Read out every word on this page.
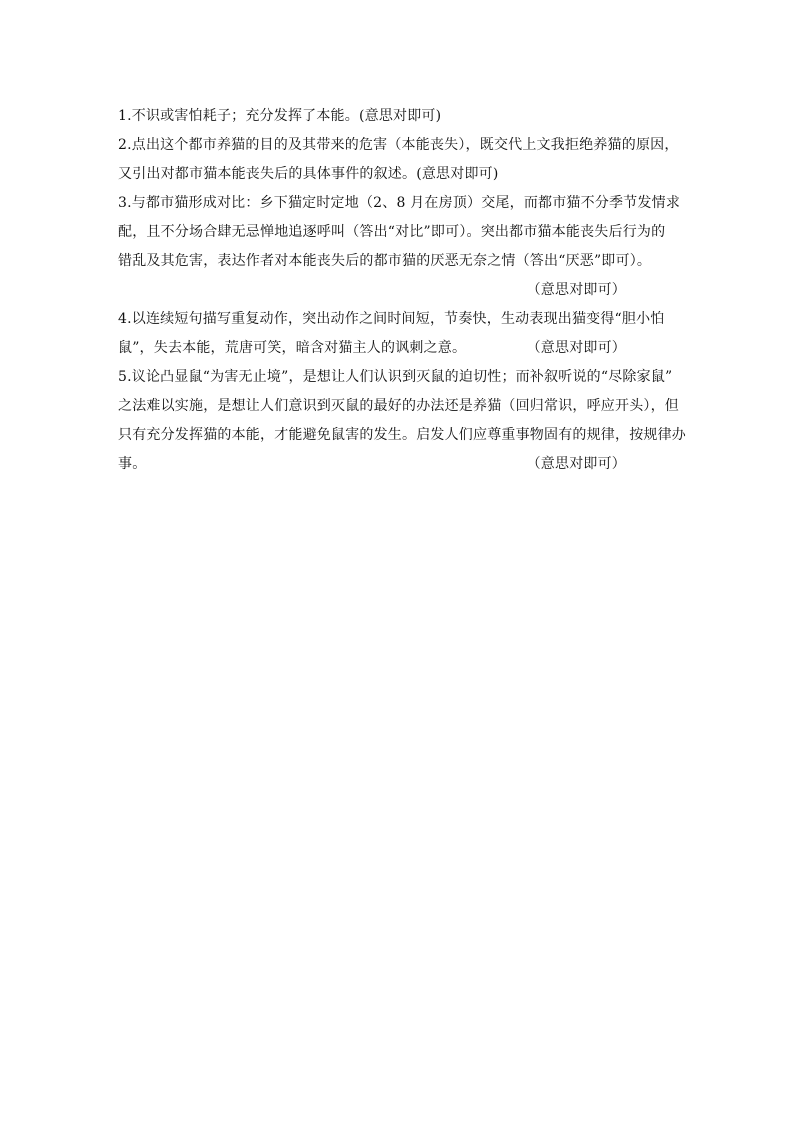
1.不识或害怕耗子；充分发挥了本能。(意思对即可)
2.点出这个都市养猫的目的及其带来的危害（本能丧失），既交代上文我拒绝养猫的原因，
又引出对都市猫本能丧失后的具体事件的叙述。(意思对即可)
3.与都市猫形成对比：乡下猫定时定地（2、8 月在房顶）交尾，而都市猫不分季节发情求
配，且不分场合肆无忌惮地追逐呼叫（答出“对比”即可）。突出都市猫本能丧失后行为的
错乱及其危害，表达作者对本能丧失后的都市猫的厌恶无奈之情（答出“厌恶”即可）。
（意思对即可）
4.以连续短句描写重复动作，突出动作之间时间短，节奏快，生动表现出猫变得“胆小怕
鼠”，失去本能，荒唐可笑，暗含对猫主人的讽刺之意。	（意思对即可）
5.议论凸显鼠“为害无止境”，是想让人们认识到灭鼠的迫切性；而补叙听说的“尽除家鼠”
之法难以实施，是想让人们意识到灭鼠的最好的办法还是养猫（回归常识，呼应开头），但
只有充分发挥猫的本能，才能避免鼠害的发生。启发人们应尊重事物固有的规律，按规律办
事。	（意思对即可）
